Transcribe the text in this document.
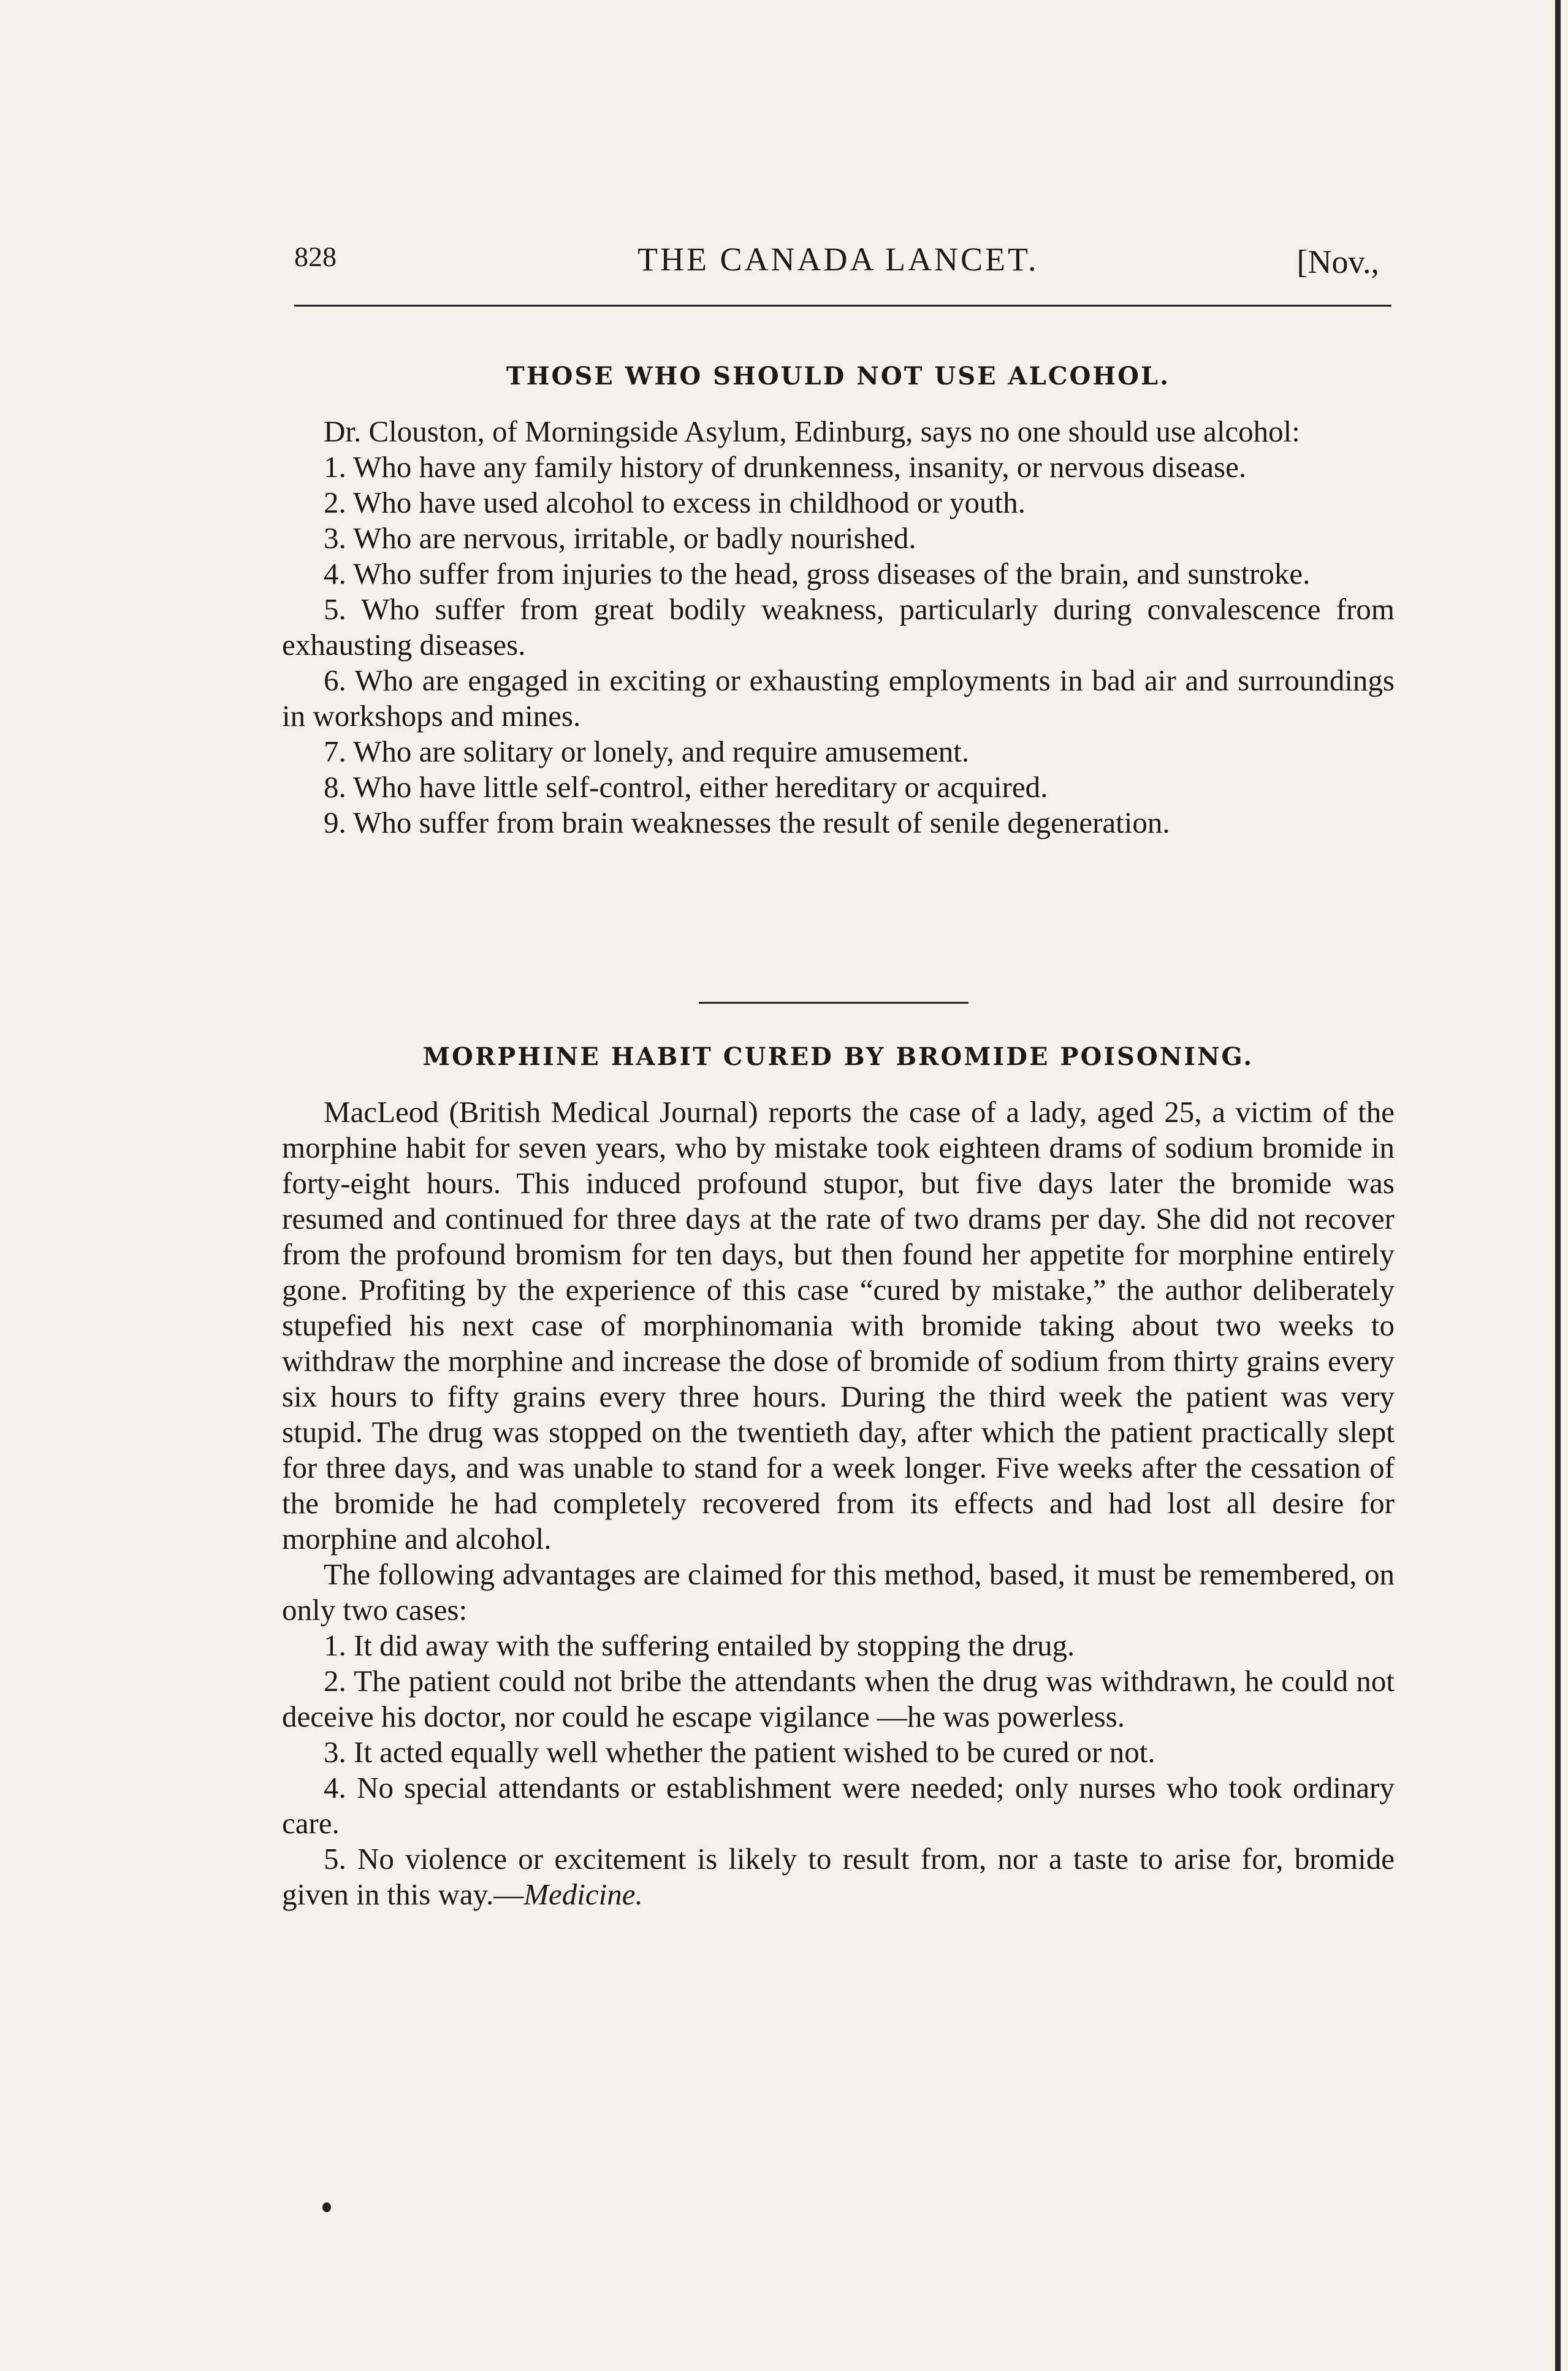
828	THE CANADA LANCET.	[Nov.,
THOSE WHO SHOULD NOT USE ALCOHOL.

Dr. Clouston, of Morningside Asylum, Edinburg, says no one should use alcohol:

1. Who have any family history of drunkenness, insanity, or nervous disease.

2. Who have used alcohol to excess in childhood or youth.

3. Who are nervous, irritable, or badly nourished.

4. Who suffer from injuries to the head, gross diseases of the brain, and sunstroke.

5. Who suffer from great bodily weakness, particularly during convalescence from exhausting diseases.

6. Who are engaged in exciting or exhausting employments in bad air and surroundings in workshops and mines.

7. Who are solitary or lonely, and require amusement.

8. Who have little self-control, either hereditary or acquired.

9. Who suffer from brain weaknesses the result of senile degeneration.

MORPHINE HABIT CURED BY BROMIDE POISONING.

MacLeod (British Medical Journal) reports the case of a lady, aged 25, a victim of the morphine habit for seven years, who by mistake took eighteen drams of sodium bromide in forty-eight hours. This induced profound stupor, but five days later the bromide was resumed and continued for three days at the rate of two drams per day. She did not recover from the profound bromism for ten days, but then found her appetite for morphine entirely gone. Profiting by the experience of this case “cured by mistake,” the author deliberately stupefied his next case of morphinomania with bromide taking about two weeks to withdraw the morphine and increase the dose of bromide of sodium from thirty grains every six hours to fifty grains every three hours. During the third week the patient was very stupid. The drug was stopped on the twentieth day, after which the patient practically slept for three days, and was unable to stand for a week longer. Five weeks after the cessation of the bromide he had completely recovered from its effects and had lost all desire for morphine and alcohol.

The following advantages are claimed for this method, based, it must be remembered, on only two cases:

1. It did away with the suffering entailed by stopping the drug.

2. The patient could not bribe the attendants when the drug was withdrawn, he could not deceive his doctor, nor could he escape vigilance —he was powerless.

3. It acted equally well whether the patient wished to be cured or not.

4. No special attendants or establishment were needed; only nurses who took ordinary care.

5. No violence or excitement is likely to result from, nor a taste to arise for, bromide given in this way.—Medicine.
